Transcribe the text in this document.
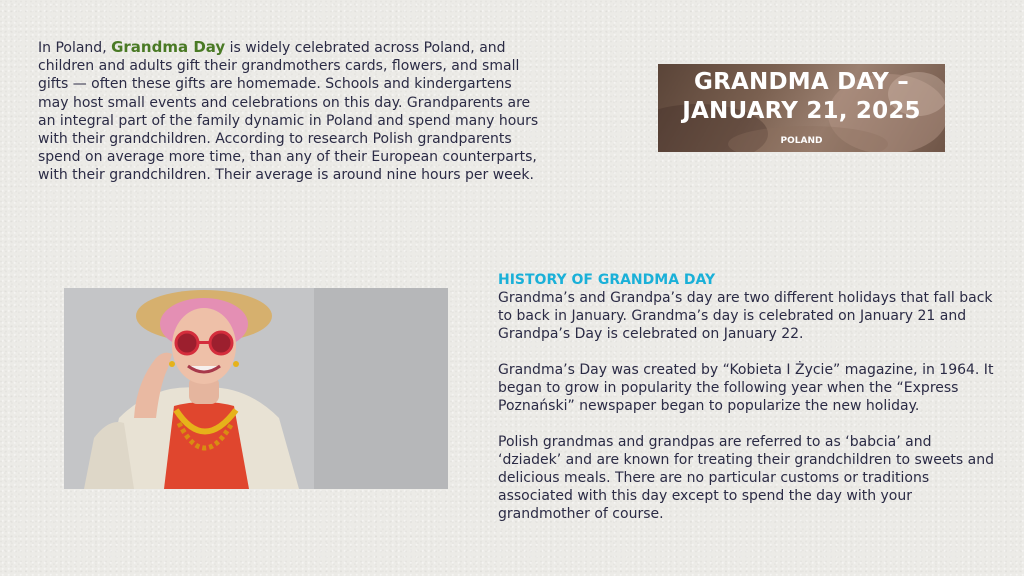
In Poland, Grandma Day is widely celebrated across Poland, and children and adults gift their grandmothers cards, flowers, and small gifts — often these gifts are homemade. Schools and kindergartens may host small events and celebrations on this day. Grandparents are an integral part of the family dynamic in Poland and spend many hours with their grandchildren. According to research Polish grandparents spend on average more time, than any of their European counterparts, with their grandchildren. Their average is around nine hours per week.

GRANDMA DAY –
JANUARY 21, 2025
POLAND
HISTORY OF GRANDMA DAY

Grandma’s and Grandpa’s day are two different holidays that fall back to back in January. Grandma’s day is celebrated on January 21 and Grandpa’s Day is celebrated on January 22.

Grandma’s Day was created by “Kobieta I Życie” magazine, in 1964. It began to grow in popularity the following year when the “Express Poznański” newspaper began to popularize the new holiday.

Polish grandmas and grandpas are referred to as ‘babcia’ and ‘dziadek’ and are known for treating their grandchildren to sweets and delicious meals. There are no particular customs or traditions associated with this day except to spend the day with your grandmother of course.
